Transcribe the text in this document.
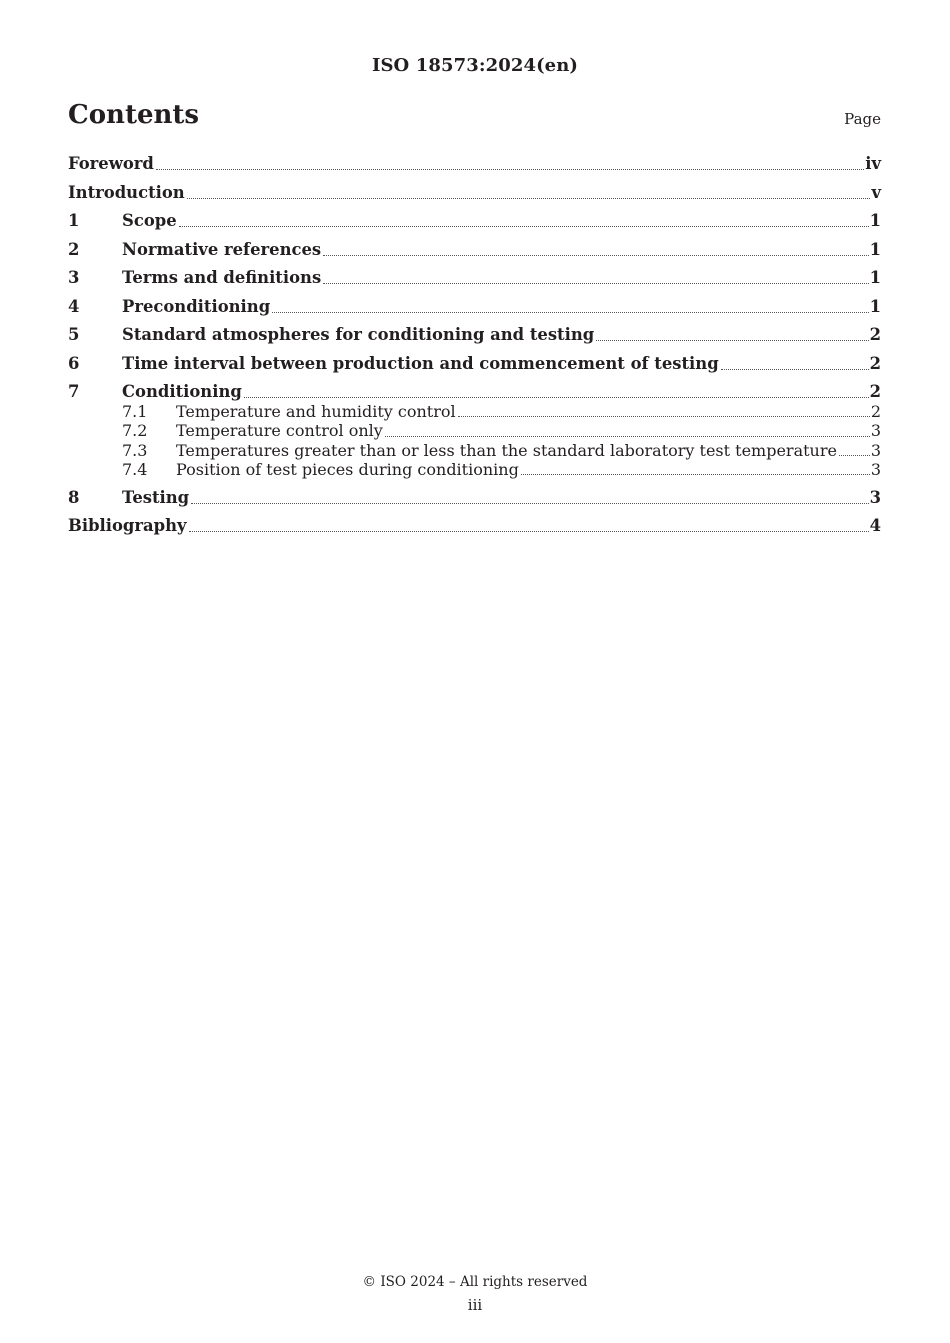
ISO 18573:2024(en)
Contents	Page
Foreword	iv
Introduction	v
1	Scope	1
2	Normative references	1
3	Terms and definitions	1
4	Preconditioning	1
5	Standard atmospheres for conditioning and testing	2
6	Time interval between production and commencement of testing	2
7	Conditioning	2
7.1	Temperature and humidity control	2
7.2	Temperature control only	3
7.3	Temperatures greater than or less than the standard laboratory test temperature 3
7.4	Position of test pieces during conditioning	3
8	Testing	3
Bibliography	4
© ISO 2024 – All rights reserved
iii
